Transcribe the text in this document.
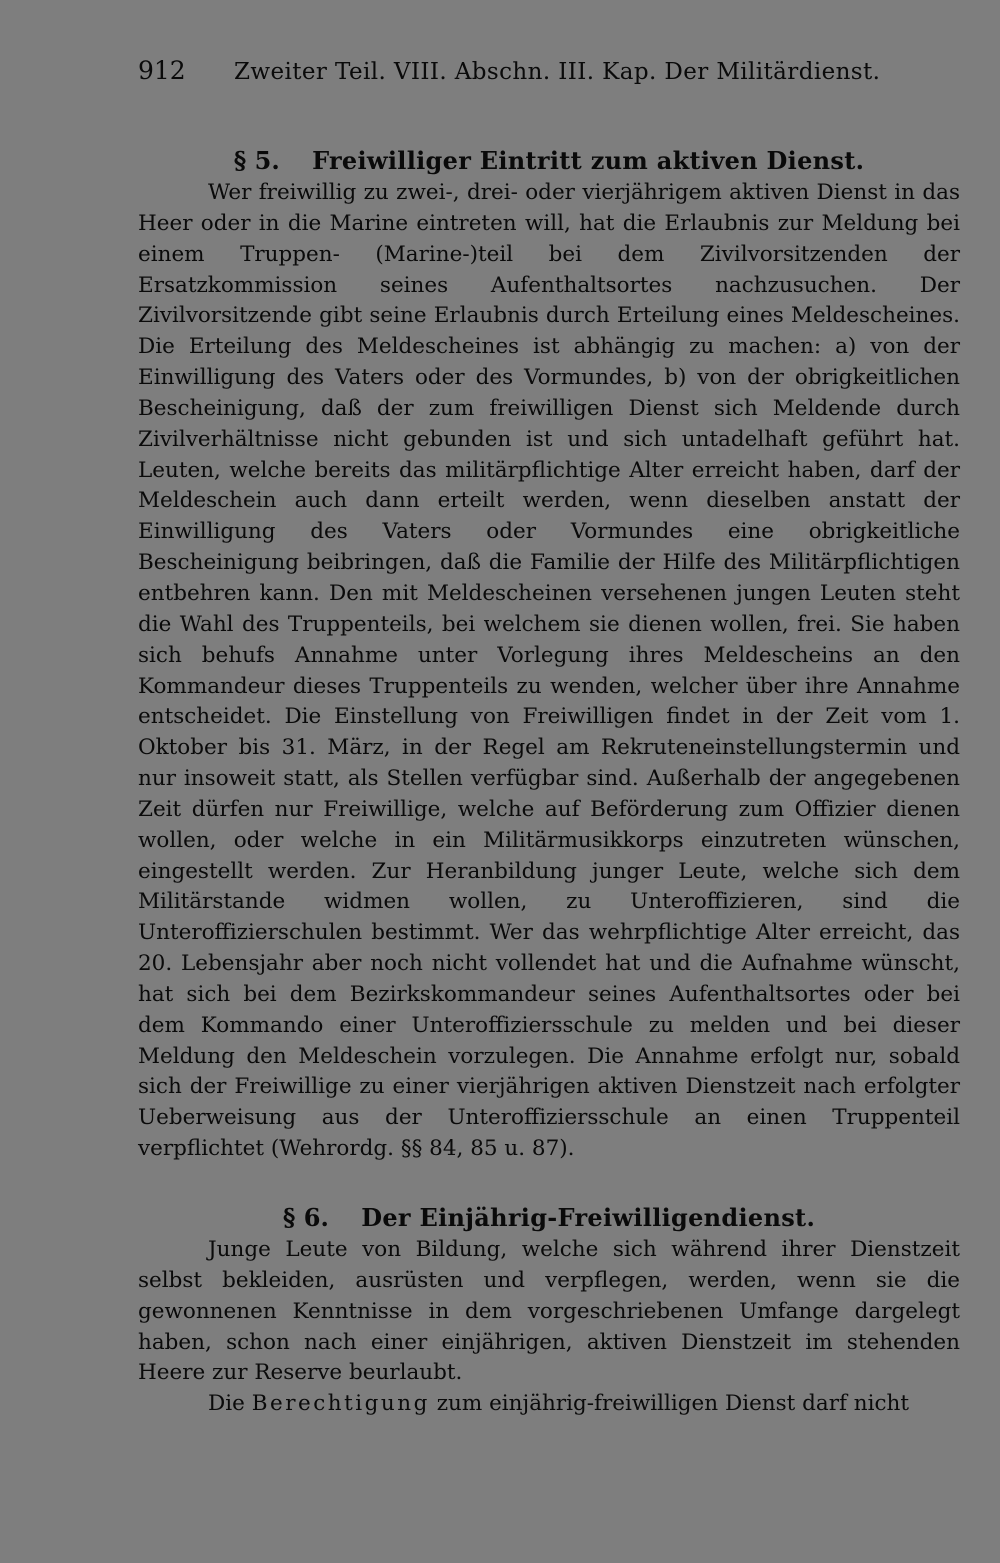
912	Zweiter Teil. VIII. Abschn. III. Kap. Der Militärdienst.
§ 5. Freiwilliger Eintritt zum aktiven Dienst.

Wer freiwillig zu zwei-, drei- oder vierjährigem aktiven Dienst in das Heer oder in die Marine eintreten will, hat die Erlaubnis zur Meldung bei einem Truppen- (Marine-)teil bei dem Zivilvorsitzenden der Ersatzkommission seines Aufenthaltsortes nachzusuchen. Der Zivilvorsitzende gibt seine Erlaubnis durch Erteilung eines Meldescheines. Die Erteilung des Meldescheines ist abhängig zu machen: a) von der Einwilligung des Vaters oder des Vormundes, b) von der obrigkeitlichen Bescheinigung, daß der zum freiwilligen Dienst sich Meldende durch Zivilverhältnisse nicht gebunden ist und sich untadelhaft geführt hat. Leuten, welche bereits das militärpflichtige Alter erreicht haben, darf der Meldeschein auch dann erteilt werden, wenn dieselben anstatt der Einwilligung des Vaters oder Vormundes eine obrigkeitliche Bescheinigung beibringen, daß die Familie der Hilfe des Militärpflichtigen entbehren kann. Den mit Meldescheinen versehenen jungen Leuten steht die Wahl des Truppenteils, bei welchem sie dienen wollen, frei. Sie haben sich behufs Annahme unter Vorlegung ihres Meldescheins an den Kommandeur dieses Truppenteils zu wenden, welcher über ihre Annahme entscheidet. Die Einstellung von Freiwilligen findet in der Zeit vom 1. Oktober bis 31. März, in der Regel am Rekruteneinstellungstermin und nur insoweit statt, als Stellen verfügbar sind. Außerhalb der angegebenen Zeit dürfen nur Freiwillige, welche auf Beförderung zum Offizier dienen wollen, oder welche in ein Militärmusikkorps einzutreten wünschen, eingestellt werden. Zur Heranbildung junger Leute, welche sich dem Militärstande widmen wollen, zu Unteroffizieren, sind die Unteroffizierschulen bestimmt. Wer das wehrpflichtige Alter erreicht, das 20. Lebensjahr aber noch nicht vollendet hat und die Aufnahme wünscht, hat sich bei dem Bezirkskommandeur seines Aufenthaltsortes oder bei dem Kommando einer Unteroffiziersschule zu melden und bei dieser Meldung den Meldeschein vorzulegen. Die Annahme erfolgt nur, sobald sich der Freiwillige zu einer vierjährigen aktiven Dienstzeit nach erfolgter Ueberweisung aus der Unteroffiziersschule an einen Truppenteil verpflichtet (Wehrordg. §§ 84, 85 u. 87).

§ 6. Der Einjährig-Freiwilligendienst.

Junge Leute von Bildung, welche sich während ihrer Dienstzeit selbst bekleiden, ausrüsten und verpflegen, werden, wenn sie die gewonnenen Kenntnisse in dem vorgeschriebenen Umfange dargelegt haben, schon nach einer einjährigen, aktiven Dienstzeit im stehenden Heere zur Reserve beurlaubt.

Die Berechtigung zum einjährig-freiwilligen Dienst darf nicht
